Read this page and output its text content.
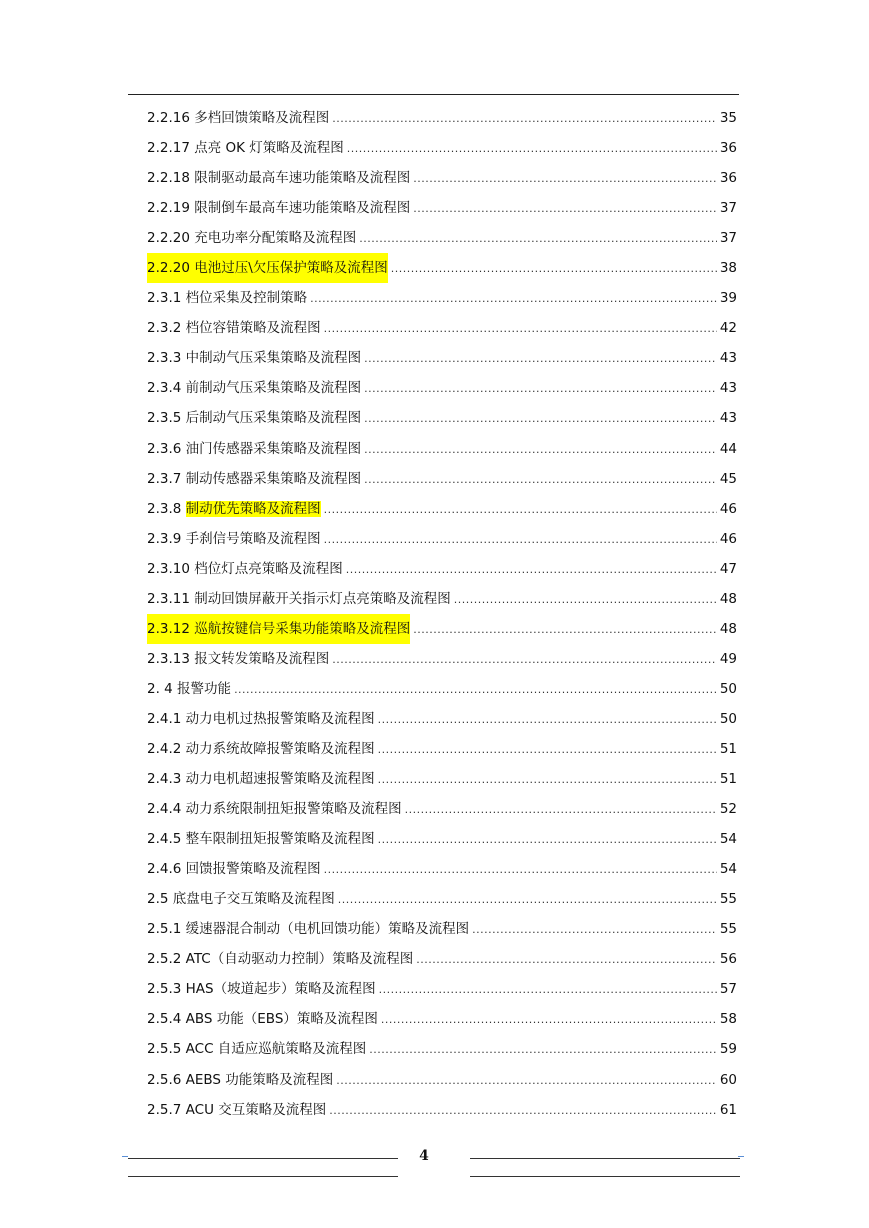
2.2.16 多档回馈策略及流程图 .....	35
2.2.17 点亮 OK 灯策略及流程图 .....	36
2.2.18 限制驱动最高车速功能策略及流程图 .....	36
2.2.19 限制倒车最高车速功能策略及流程图 .....	37
2.2.20 充电功率分配策略及流程图 .....	37
2.2.20 电池过压\欠压保护策略及流程图 .....	38
2.3.1 档位采集及控制策略 .....	39
2.3.2 档位容错策略及流程图 .....	42
2.3.3 中制动气压采集策略及流程图 .....	43
2.3.4 前制动气压采集策略及流程图 .....	43
2.3.5 后制动气压采集策略及流程图 .....	43
2.3.6 油门传感器采集策略及流程图 .....	44
2.3.7 制动传感器采集策略及流程图 .....	45
2.3.8 制动优先策略及流程图 .....	46
2.3.9 手刹信号策略及流程图 .....	46
2.3.10 档位灯点亮策略及流程图 .....	47
2.3.11 制动回馈屏蔽开关指示灯点亮策略及流程图 .....	48
2.3.12 巡航按键信号采集功能策略及流程图 .....	48
2.3.13 报文转发策略及流程图 .....	49
2. 4 报警功能 .....	50
2.4.1 动力电机过热报警策略及流程图 .....	50
2.4.2 动力系统故障报警策略及流程图 .....	51
2.4.3 动力电机超速报警策略及流程图 .....	51
2.4.4 动力系统限制扭矩报警策略及流程图 .....	52
2.4.5 整车限制扭矩报警策略及流程图 .....	54
2.4.6 回馈报警策略及流程图 .....	54
2.5 底盘电子交互策略及流程图 .....	55
2.5.1 缓速器混合制动（电机回馈功能）策略及流程图 .....	55
2.5.2 ATC（自动驱动力控制）策略及流程图 .....	56
2.5.3 HAS（坡道起步）策略及流程图 .....	57
2.5.4 ABS 功能（EBS）策略及流程图 .....	58
2.5.5 ACC 自适应巡航策略及流程图 .....	59
2.5.6 AEBS 功能策略及流程图 .....	60
2.5.7 ACU 交互策略及流程图 .....	61
4
